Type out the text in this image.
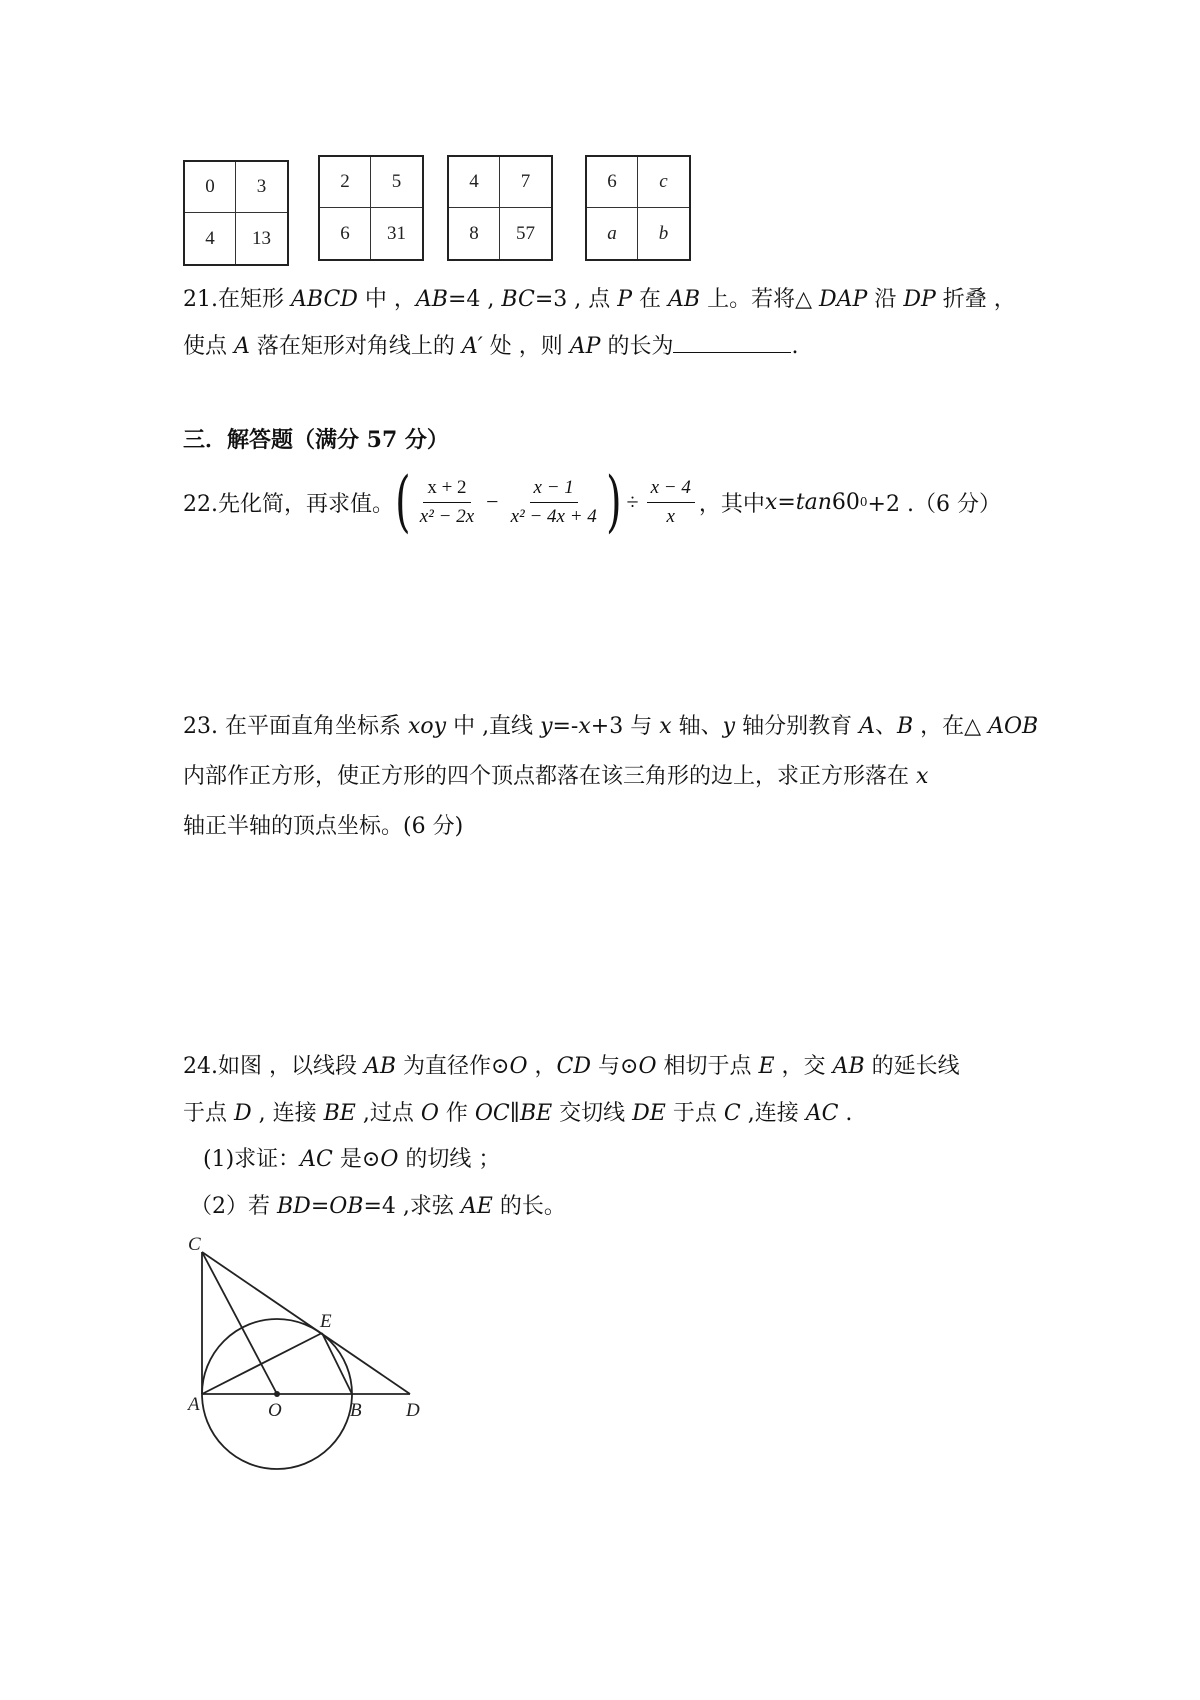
0	3
4	13
2	5
6	31
4	7
8	57
6	c
a	b
21.在矩形 ABCD 中 ，AB=4 , BC=3 , 点 P 在 AB 上。若将△ DAP 沿 DP 折叠 ，
使点 A 落在矩形对角线上的 A′ 处 ，则 AP 的长为	.
三．解答题（满分 57 分）
22.先化简，再求值。 ( $\frac{x + 2}{\text{x² − 2x}} - \frac{x - 1}{\text{x² − 4x + 4}}$ ) ÷ $\frac{x - 4}{x}$ ，其中 x = tan 60 0 +2 .（6 分）
23. 在平面直角坐标系 xoy 中 ,直线 y=-x+3 与 x 轴、y 轴分别教育 A、B ，在△ AOB
内部作正方形，使正方形的四个顶点都落在该三角形的边上，求正方形落在 x
轴正半轴的顶点坐标。(6 分)
24.如图 ，以线段 AB 为直径作⊙O ，CD 与⊙O 相切于点 E ，交 AB 的延长线
于点 D , 连接 BE ,过点 O 作 OC∥BE 交切线 DE 于点 C ,连接 AC .
(1)求证：AC 是⊙O 的切线 ；
（2）若 BD=OB=4 ,求弦 AE 的长。
C
E
A	O	B D
